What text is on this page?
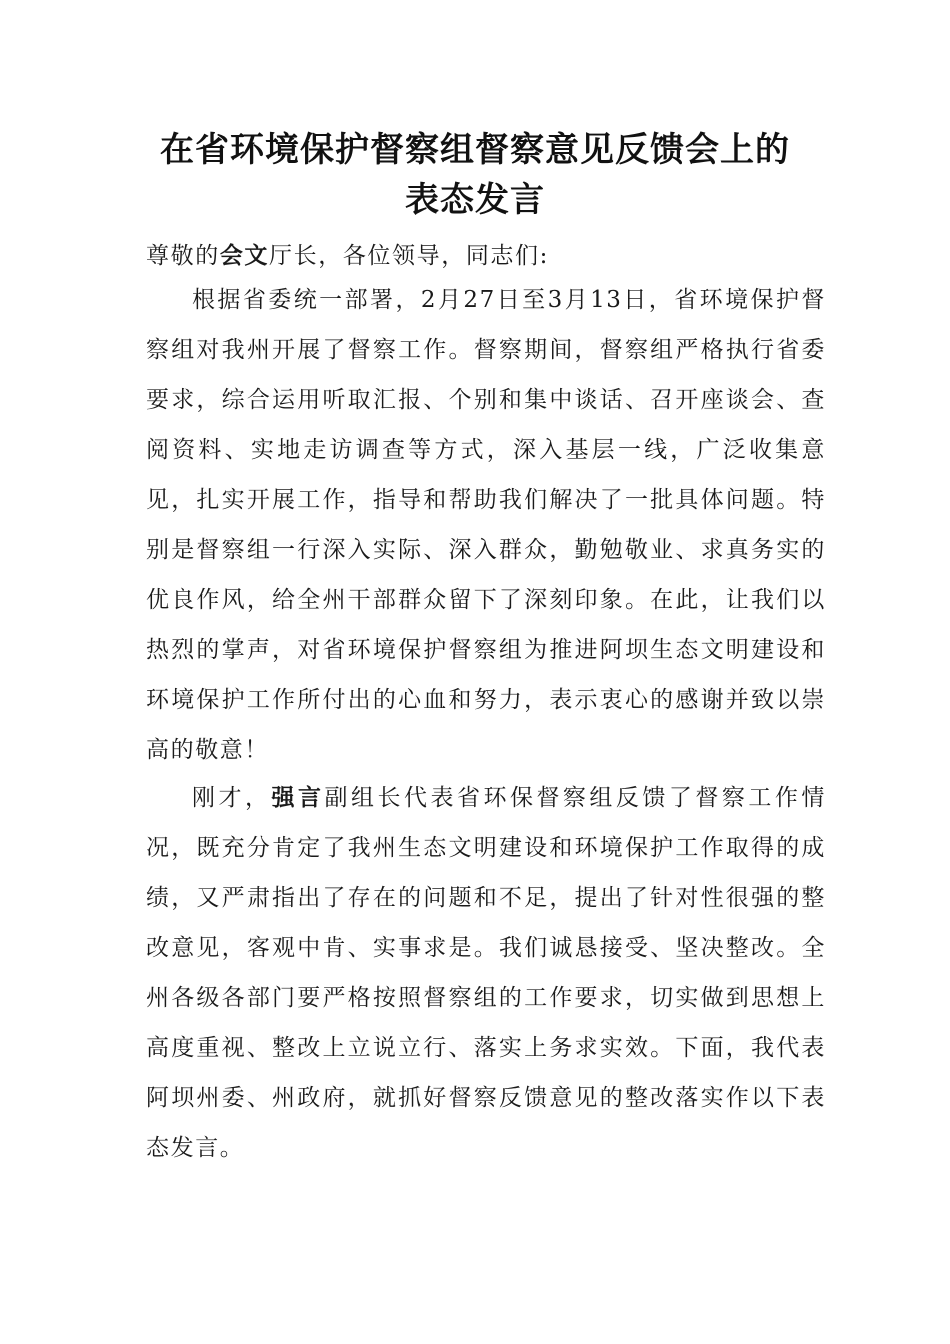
在省环境保护督察组督察意见反馈会上的
表态发言
尊敬的会文厅长，各位领导，同志们:

根据省委统一部署，2月27日至3月13日，省环境保护督察组对我州开展了督察工作。督察期间，督察组严格执行省委要求，综合运用听取汇报、个别和集中谈话、召开座谈会、查阅资料、实地走访调查等方式，深入基层一线，广泛收集意见，扎实开展工作，指导和帮助我们解决了一批具体问题。特别是督察组一行深入实际、深入群众，勤勉敬业、求真务实的优良作风，给全州干部群众留下了深刻印象。在此，让我们以热烈的掌声，对省环境保护督察组为推进阿坝生态文明建设和环境保护工作所付出的心血和努力，表示衷心的感谢并致以崇高的敬意！

刚才，强言副组长代表省环保督察组反馈了督察工作情况，既充分肯定了我州生态文明建设和环境保护工作取得的成绩，又严肃指出了存在的问题和不足，提出了针对性很强的整改意见，客观中肯、实事求是。我们诚恳接受、坚决整改。全州各级各部门要严格按照督察组的工作要求，切实做到思想上高度重视、整改上立说立行、落实上务求实效。下面，我代表阿坝州委、州政府，就抓好督察反馈意见的整改落实作以下表态发言。
